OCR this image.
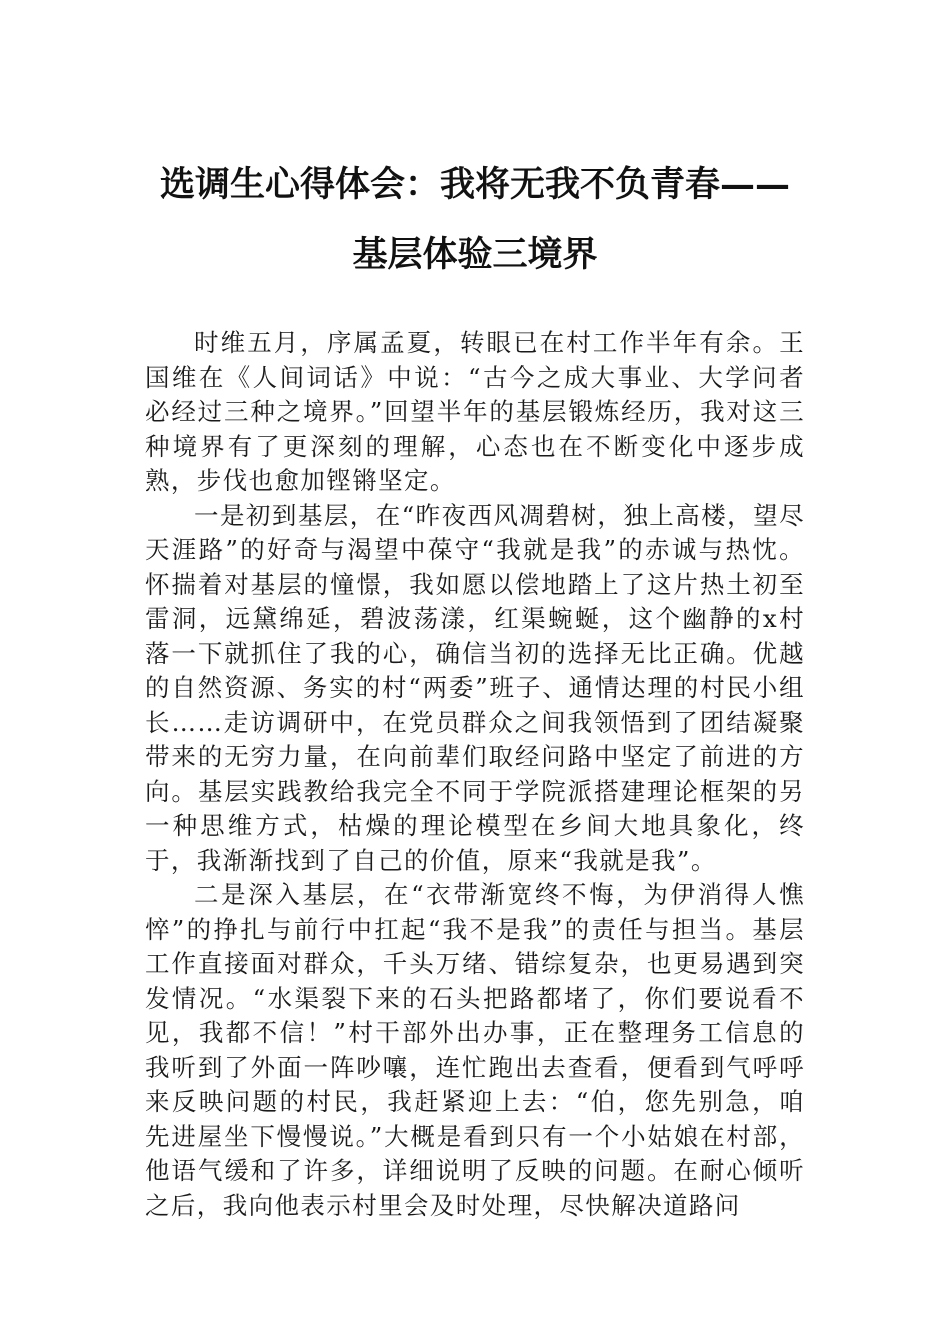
选调生心得体会：我将无我不负青春——
基层体验三境界

时维五月，序属孟夏，转眼已在村工作半年有余。王国维在《人间词话》中说：“古今之成大事业、大学问者必经过三种之境界。”回望半年的基层锻炼经历，我对这三种境界有了更深刻的理解，心态也在不断变化中逐步成熟，步伐也愈加铿锵坚定。

一是初到基层，在“昨夜西风凋碧树，独上高楼，望尽天涯路”的好奇与渴望中葆守“我就是我”的赤诚与热忱。怀揣着对基层的憧憬，我如愿以偿地踏上了这片热土初至雷洞，远黛绵延，碧波荡漾，红渠蜿蜒，这个幽静的x村落一下就抓住了我的心，确信当初的选择无比正确。优越的自然资源、务实的村“两委”班子、通情达理的村民小组长……走访调研中，在党员群众之间我领悟到了团结凝聚带来的无穷力量，在向前辈们取经问路中坚定了前进的方向。基层实践教给我完全不同于学院派搭建理论框架的另一种思维方式，枯燥的理论模型在乡间大地具象化，终于，我渐渐找到了自己的价值，原来“我就是我”。

二是深入基层，在“衣带渐宽终不悔，为伊消得人憔悴”的挣扎与前行中扛起“我不是我”的责任与担当。基层工作直接面对群众，千头万绪、错综复杂，也更易遇到突发情况。“水渠裂下来的石头把路都堵了，你们要说看不见，我都不信！”村干部外出办事，正在整理务工信息的我听到了外面一阵吵嚷，连忙跑出去查看，便看到气呼呼来反映问题的村民，我赶紧迎上去：“伯，您先别急，咱先进屋坐下慢慢说。”大概是看到只有一个小姑娘在村部，他语气缓和了许多，详细说明了反映的问题。在耐心倾听之后，我向他表示村里会及时处理，尽快解决道路问
